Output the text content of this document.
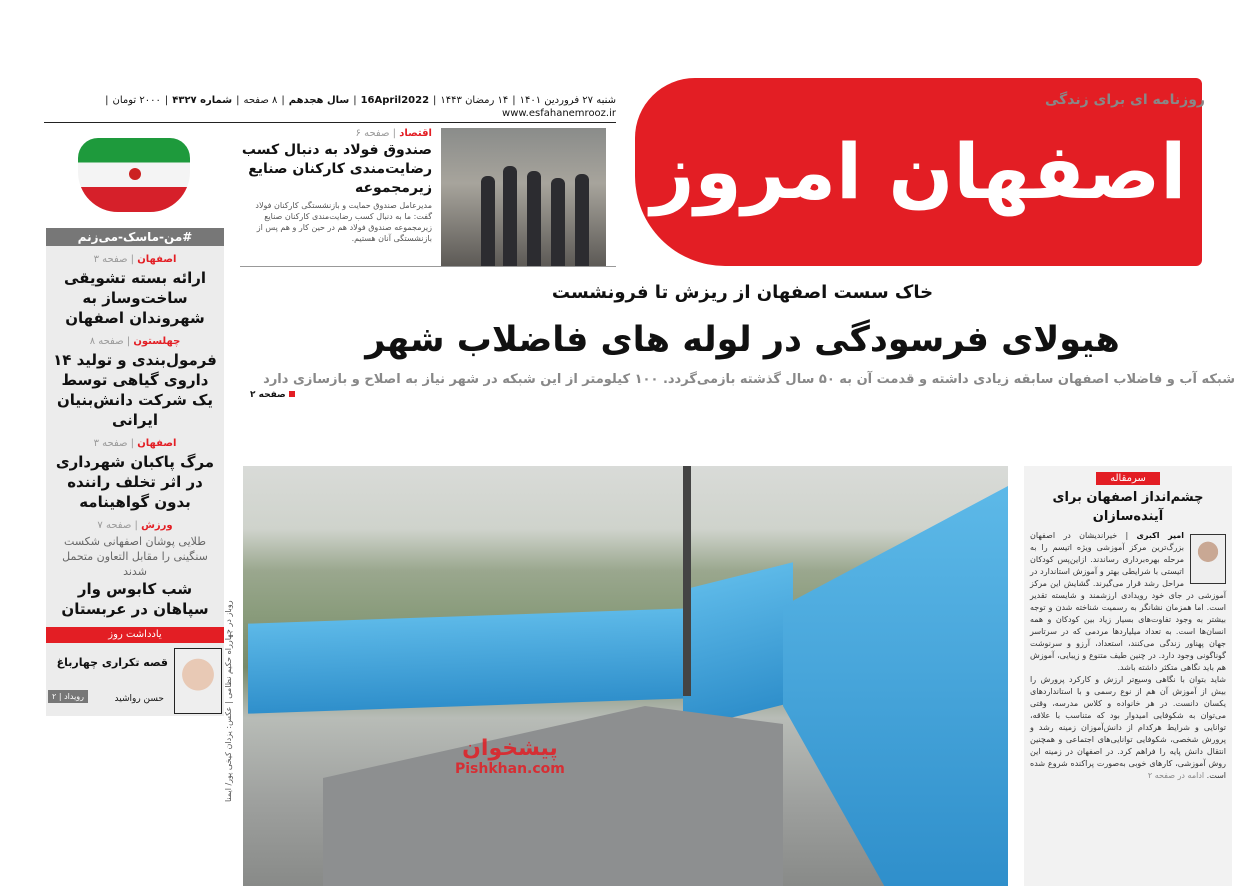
اصفهان امروز
روزنامه ای برای زندگی
شنبه ۲۷ فروردین ۱۴۰۱
|
۱۴ رمضان ۱۴۴۳
|
16April2022
|
سال هجدهم
|
۸ صفحه
|
شماره ۴۳۲۷
|
۲۰۰۰ تومان
|
www.esfahanemrooz.ir
اقتصاد | صفحه ۶
صندوق فولاد به دنبال کسب رضایت‌مندی کارکنان صنایع زیرمجموعه
مدیرعامل صندوق حمایت و بازنشستگی کارکنان فولاد گفت: ما به دنبال کسب رضایت‌مندی کارکنان صنایع زیرمجموعه صندوق فولاد هم در حین کار و هم پس از بازنشستگی آنان هستیم.
#من-ماسک-می‌زنم
اصفهان | صفحه ۳
ارائه بسته تشویقی ساخت‌وساز به شهروندان اصفهان
چهلستون | صفحه ۸
فرمول‌بندی و تولید ۱۴ داروی گیاهی توسط یک شرکت دانش‌بنیان ایرانی
اصفهان | صفحه ۳
مرگ پاکبان شهرداری در اثر تخلف راننده بدون گواهینامه
ورزش | صفحه ۷
طلایی پوشان اصفهانی شکست سنگینی را مقابل التعاون متحمل شدند
شب کابوس وار سپاهان در عربستان
یادداشت روز
قصه تکراری چهارباغ
حسن رواشید
رویداد | ۲
خاک سست اصفهان از ریزش تا فرونشست
هیولای فرسودگی در لوله های فاضلاب شهر
شبکه آب و فاضلاب اصفهان سابقه زیادی داشته و قدمت آن به ۵۰ سال گذشته بازمی‌گردد. ۱۰۰ کیلومتر از این شبکه در شهر نیاز به اصلاح و بازسازی دارد
صفحه ۲
پیشخوان
Pishkhan.com
روباز در چهارراه حکیم نظامی | عکس: یزدان کیخی پور/ ایمنا
سرمقاله
چشم‌انداز اصفهان برای آینده‌سازان
امیر اکبری | خیراندیشان در اصفهان بزرگ‌ترین مرکز آموزشی ویژه اتیسم را به مرحله بهره‌برداری رساندند. ازاین‌پس کودکان اتیستی با شرایطی بهتر و آموزش استاندارد در مراحل رشد قرار می‌گیرند. گشایش این مرکز آموزشی در جای خود رویدادی ارزشمند و شایسته تقدیر است. اما همزمان نشانگر به رسمیت شناخته شدن و توجه بیشتر به وجود تفاوت‌های بسیار زیاد بین کودکان و همه انسان‌ها است. به تعداد میلیاردها مردمی که در سرتاسر جهان پهناور زندگی می‌کنند، استعداد، آرزو و سرنوشت گوناگونی وجود دارد. در چنین طیف متنوع و زیبایی، آموزش هم باید نگاهی متکثر داشته باشد.
شاید بتوان با نگاهی وسیع‌تر ارزش و کارکرد پرورش را بیش از آموزش آن هم از نوع رسمی و با استانداردهای یکسان دانست. در هر خانواده و کلاس مدرسه، وقتی می‌توان به شکوفایی امیدوار بود که متناسب با علاقه، توانایی و شرایط هرکدام از دانش‌آموزان زمینه رشد و پرورش شخصی، شکوفایی توانایی‌های اجتماعی و همچنین انتقال دانش پایه را فراهم کرد. در اصفهان در زمینه این روش آموزشی، کارهای خوبی به‌صورت پراکنده شروع شده است. ادامه در صفحه ۲
